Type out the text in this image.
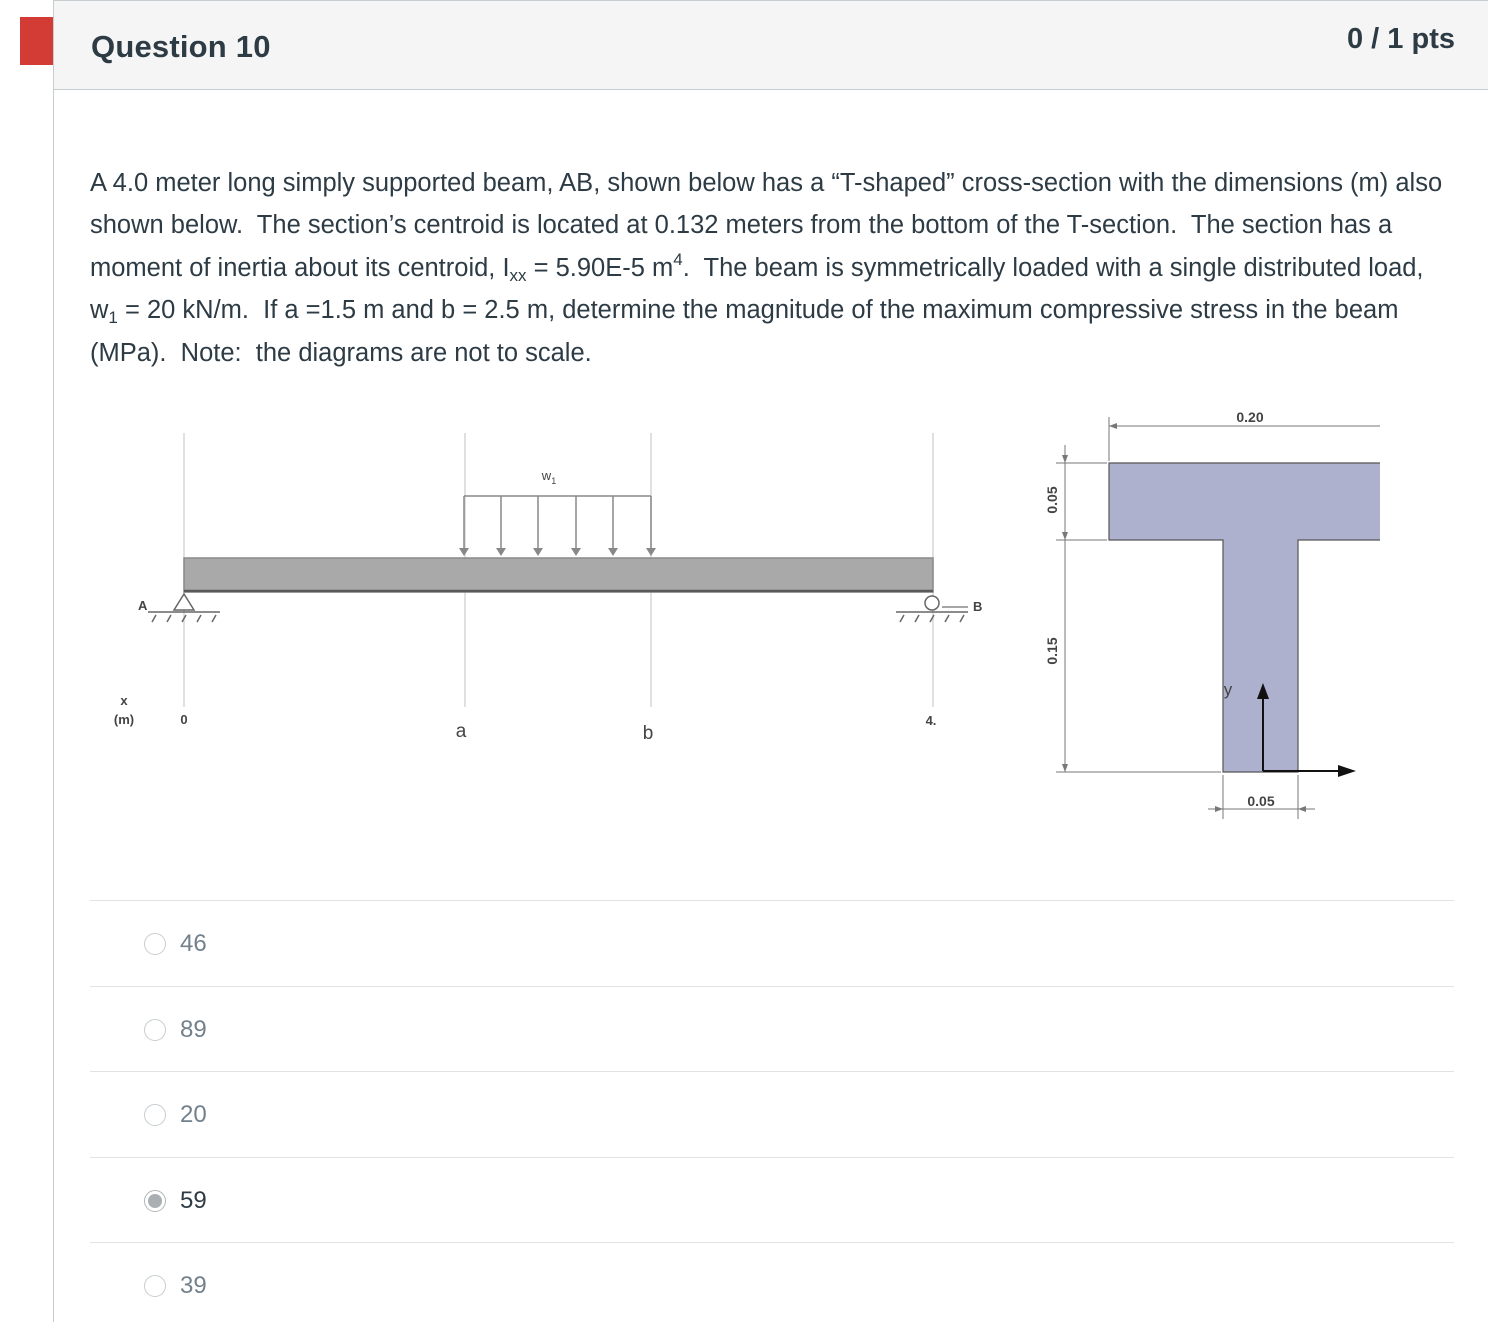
Question 10	0 / 1 pts
A 4.0 meter long simply supported beam, AB, shown below has a “T-shaped” cross-section with the dimensions (m) also shown below.  The section’s centroid is located at 0.132 meters from the bottom of the T-section.  The section has a moment of inertia about its centroid, $I_{xx} = 5.90E-5$ $m^4$.  The beam is symmetrically loaded with a single distributed load, $w_1 = 20$ kN/m.  If a =1.5 m and b = 2.5 m, determine the magnitude of the maximum compressive stress in the beam (MPa).  Note:  the diagrams are not to scale.
$w_1$
A	B
x
(m)	0
a	b
4.
0.20
0.05
0.15
0.05
y
46
89
20
59
39
